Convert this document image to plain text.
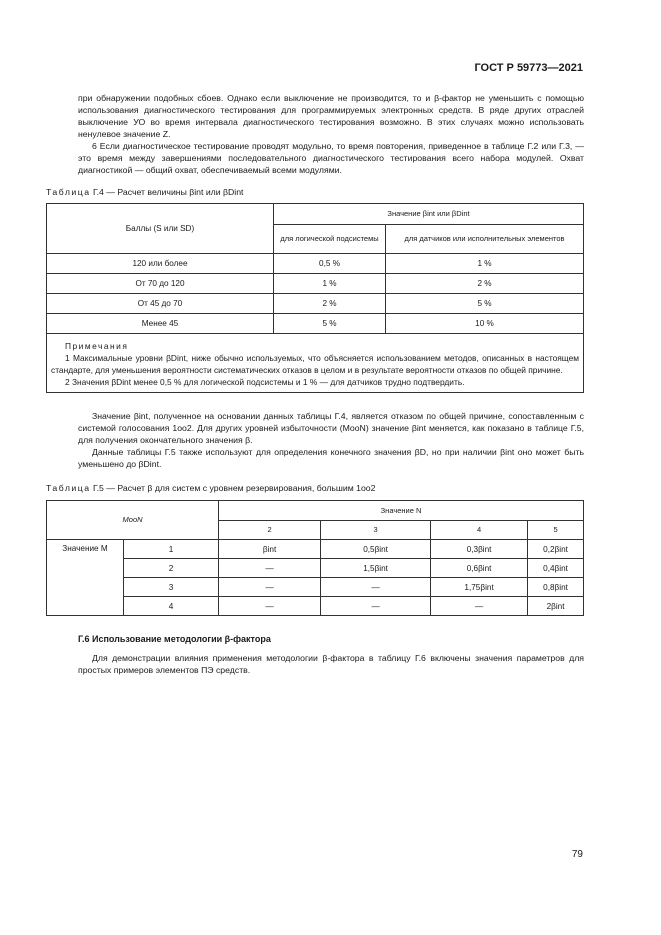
ГОСТ Р 59773—2021
при обнаружении подобных сбоев. Однако если выключение не производится, то и β-фактор не уменьшить с помощью использования диагностического тестирования для программируемых электронных средств. В ряде других отраслей выключение УО во время интервала диагностического тестирования возможно. В этих случаях можно использовать ненулевое значение Z.
6 Если диагностическое тестирование проводят модульно, то время повторения, приведенное в таблице Г.2 или Г.3, — это время между завершениями последовательного диагностического тестирования всего набора модулей. Охват диагностикой — общий охват, обеспечиваемый всеми модулями.
Таблица Г.4 — Расчет величины βint или βDint
Баллы (S или SD)	Значение βint или βDint	
	для логической подсистемы	для датчиков или исполнительных элементов
120 или более	0,5 %	1 %
От 70 до 120	1 %	2 %
От 45 до 70	2 %	5 %
Менее 45	5 %	10 %

Примечания

1 Максимальные уровни βDint, ниже обычно используемых, что объясняется использованием методов, описанных в настоящем стандарте, для уменьшения вероятности систематических отказов в целом и в результате вероятности отказов по общей причине.

2 Значения βDint менее 0,5 % для логической подсистемы и 1 % — для датчиков трудно подтвердить.		

Значение βint, полученное на основании данных таблицы Г.4, является отказом по общей причине, сопоставленным с системой голосования 1oo2. Для других уровней избыточности (MooN) значение βint меняется, как показано в таблице Г.5, для получения окончательного значения β.
Данные таблицы Г.5 также используют для определения конечного значения βD, но при наличии βint оно может быть уменьшено до βDint.
Таблица Г.5 — Расчет β для систем с уровнем резервирования, большим 1oo2
MooN		Значение N			
		2	3	4	5
Значение M	1	βint	0,5βint	0,3βint	0,2βint
	2	—	1,5βint	0,6βint	0,4βint
	3	—	—	1,75βint	0,8βint
	4	—	—	—	2βint
Г.6 Использование методологии β-фактора
Для демонстрации влияния применения методологии β-фактора в таблицу Г.6 включены значения параметров для простых примеров элементов ПЭ средств.
79
